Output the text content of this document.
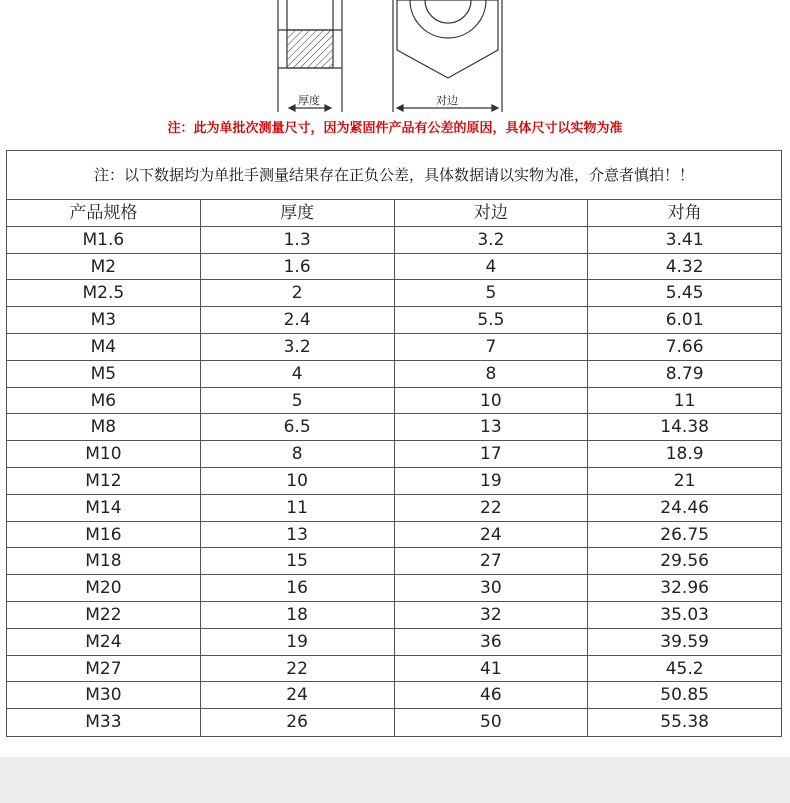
厚度	对边
注：此为单批次测量尺寸，因为紧固件产品有公差的原因，具体尺寸以实物为准
注：以下数据均为单批手测量结果存在正负公差，具体数据请以实物为准，介意者慎拍！！
产品规格	厚度	对边	对角
M1.6	1.3	3.2	3.41
M2	1.6	4	4.32
M2.5	2	5	5.45
M3	2.4	5.5	6.01
M4	3.2	7	7.66
M5	4	8	8.79
M6	5	10	11
M8	6.5	13	14.38
M10	8	17	18.9
M12	10	19	21
M14	11	22	24.46
M16	13	24	26.75
M18	15	27	29.56
M20	16	30	32.96
M22	18	32	35.03
M24	19	36	39.59
M27	22	41	45.2
M30	24	46	50.85
M33	26	50	55.38
